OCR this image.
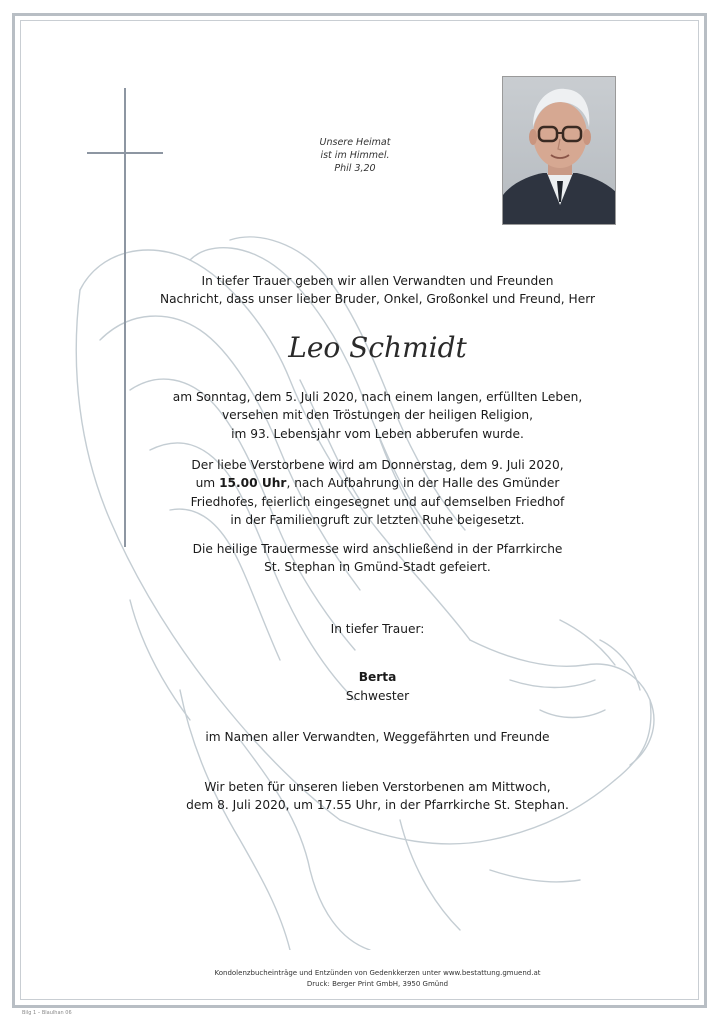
Unsere Heimat
ist im Himmel.
Phil 3,20
In tiefer Trauer geben wir allen Verwandten und Freunden
Nachricht, dass unser lieber Bruder, Onkel, Großonkel und Freund, Herr
Leo Schmidt
am Sonntag, dem 5. Juli 2020, nach einem langen, erfüllten Leben,
versehen mit den Tröstungen der heiligen Religion,
im 93. Lebensjahr vom Leben abberufen wurde.
Der liebe Verstorbene wird am Donnerstag, dem 9. Juli 2020,
um 15.00 Uhr, nach Aufbahrung in der Halle des Gmünder
Friedhofes, feierlich eingesegnet und auf demselben Friedhof
in der Familiengruft zur letzten Ruhe beigesetzt.
Die heilige Trauermesse wird anschließend in der Pfarrkirche
St. Stephan in Gmünd-Stadt gefeiert.
In tiefer Trauer:
Berta
Schwester
im Namen aller Verwandten, Weggefährten und Freunde
Wir beten für unseren lieben Verstorbenen am Mittwoch,
dem 8. Juli 2020, um 17.55 Uhr, in der Pfarrkirche St. Stephan.
Kondolenzbucheinträge und Entzünden von Gedenkkerzen unter www.bestattung.gmuend.at
Druck: Berger Print GmbH, 3950 Gmünd
Bilg 1 – Blaulhan 06
